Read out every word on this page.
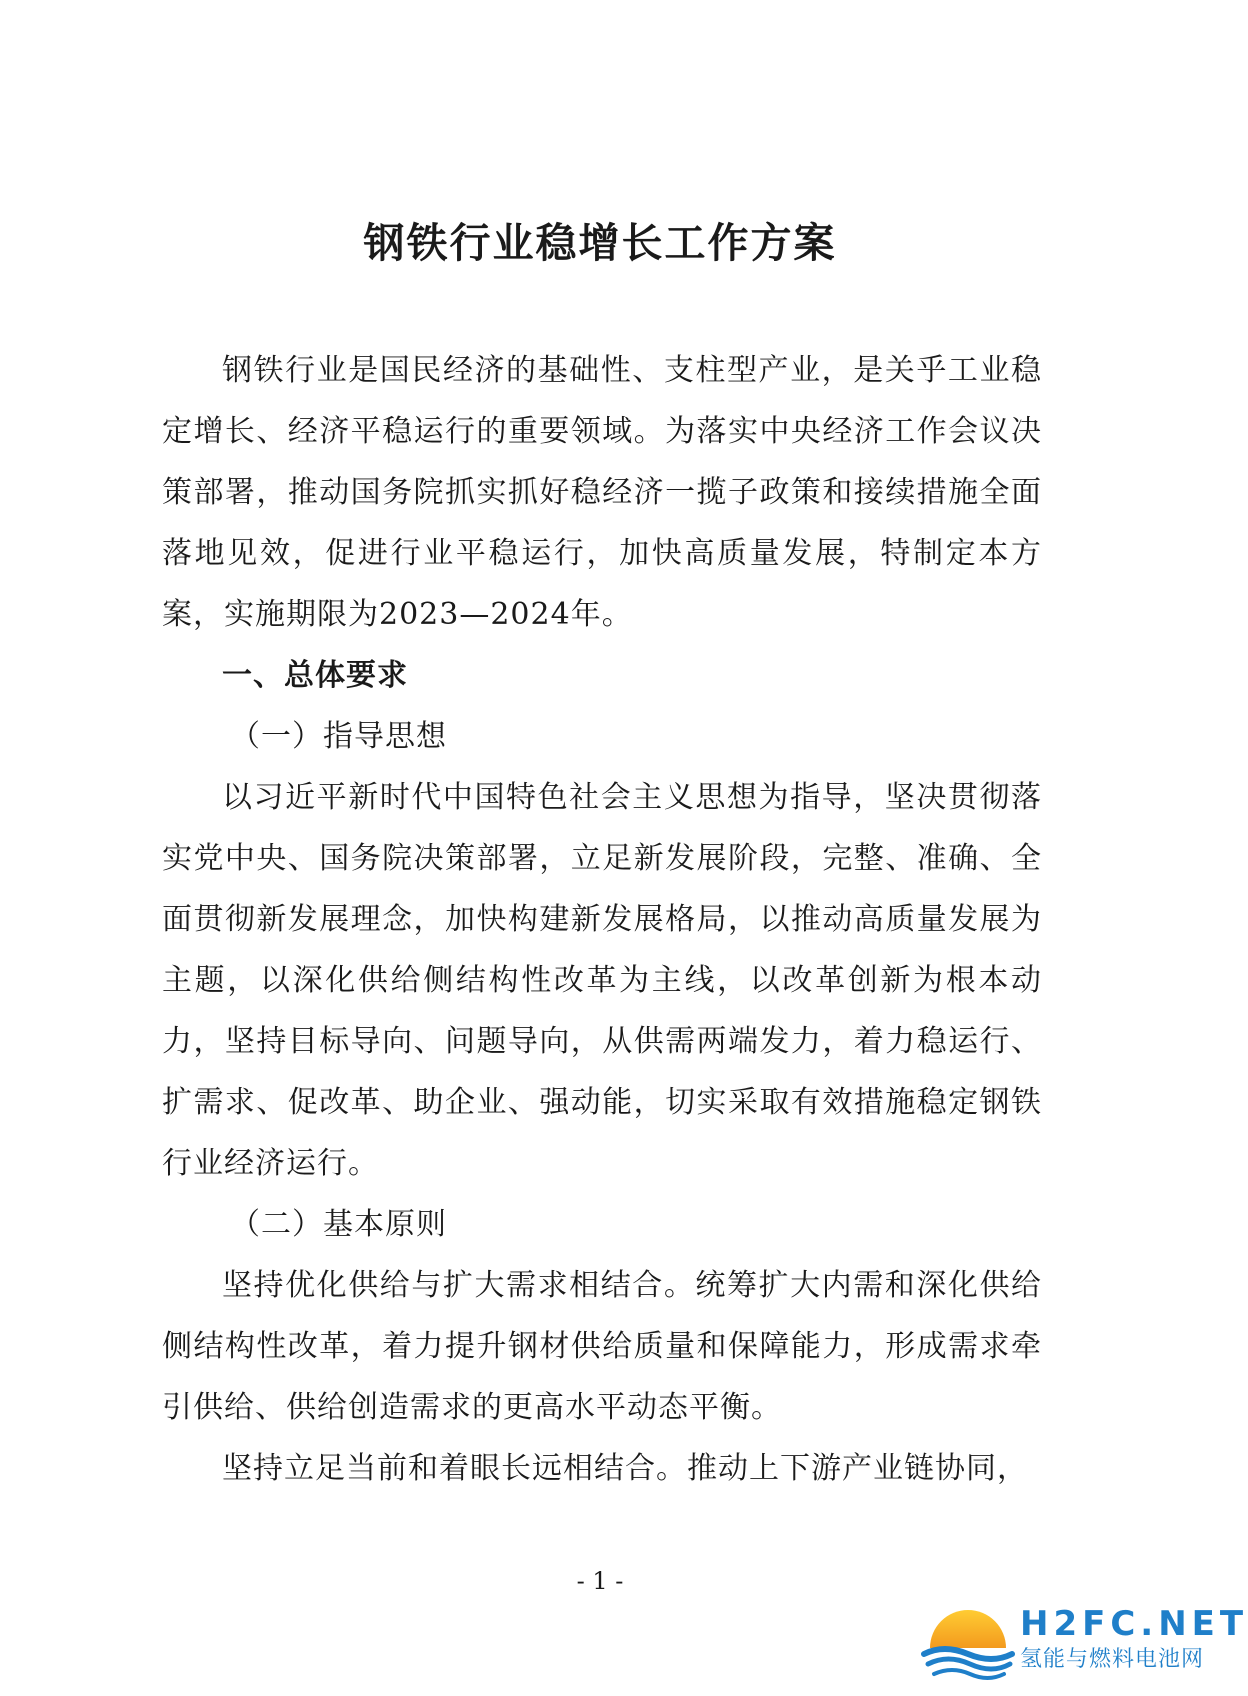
钢铁行业稳增长工作方案

钢铁行业是国民经济的基础性、支柱型产业，是关乎工业稳定增长、经济平稳运行的重要领域。为落实中央经济工作会议决策部署，推动国务院抓实抓好稳经济一揽子政策和接续措施全面落地见效，促进行业平稳运行，加快高质量发展，特制定本方案，实施期限为2023—2024年。

一、总体要求

（一）指导思想

以习近平新时代中国特色社会主义思想为指导，坚决贯彻落实党中央、国务院决策部署，立足新发展阶段，完整、准确、全面贯彻新发展理念，加快构建新发展格局，以推动高质量发展为主题，以深化供给侧结构性改革为主线，以改革创新为根本动力，坚持目标导向、问题导向，从供需两端发力，着力稳运行、扩需求、促改革、助企业、强动能，切实采取有效措施稳定钢铁行业经济运行。

（二）基本原则

坚持优化供给与扩大需求相结合。统筹扩大内需和深化供给侧结构性改革，着力提升钢材供给质量和保障能力，形成需求牵引供给、供给创造需求的更高水平动态平衡。

坚持立足当前和着眼长远相结合。推动上下游产业链协同，

- 1 -
H2FC.NET
氢能与燃料电池网
